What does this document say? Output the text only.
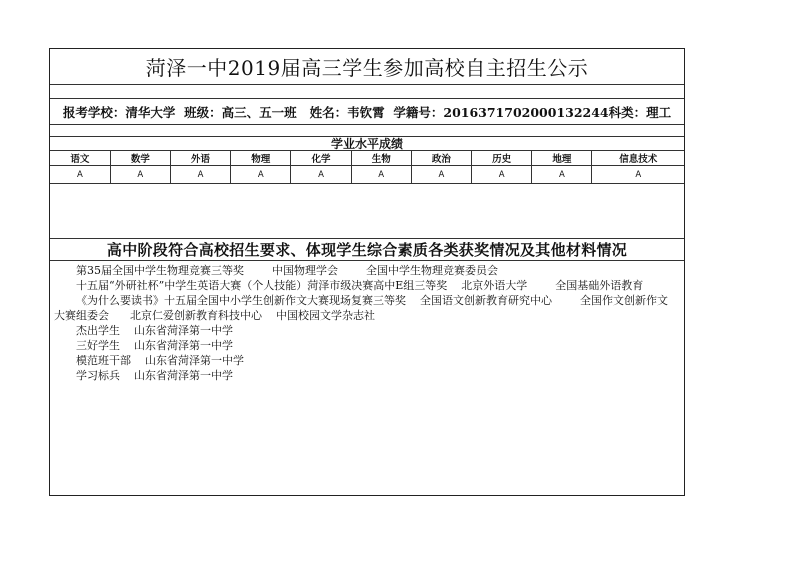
菏泽一中2019届高三学生参加高校自主招生公示
报考学校：清华大学
班级：高三、五一班
姓名：韦钦霄
学籍号：2016371702000132244 科类：理工
学业水平成绩
语文	数学	外语	物理	化学	生物	政治	历史	地理	信息技术
A	A	A	A	A	A	A	A	A	A
高中阶段符合高校招生要求、体现学生综合素质各类获奖情况及其他材料情况

第35届全国中学生物理竞赛三等奖        中国物理学会        全国中学生物理竞赛委员会

十五届“外研社杯”中学生英语大赛（个人技能）菏泽市级决赛高中E组三等奖    北京外语大学        全国基础外语教育

《为什么要读书》十五届全国中小学生创新作文大赛现场复赛三等奖    全国语文创新教育研究中心        全国作文创新作文大赛组委会      北京仁爱创新教育科技中心    中国校园文学杂志社

杰出学生    山东省菏泽第一中学

三好学生    山东省菏泽第一中学

模范班干部    山东省菏泽第一中学

学习标兵    山东省菏泽第一中学
